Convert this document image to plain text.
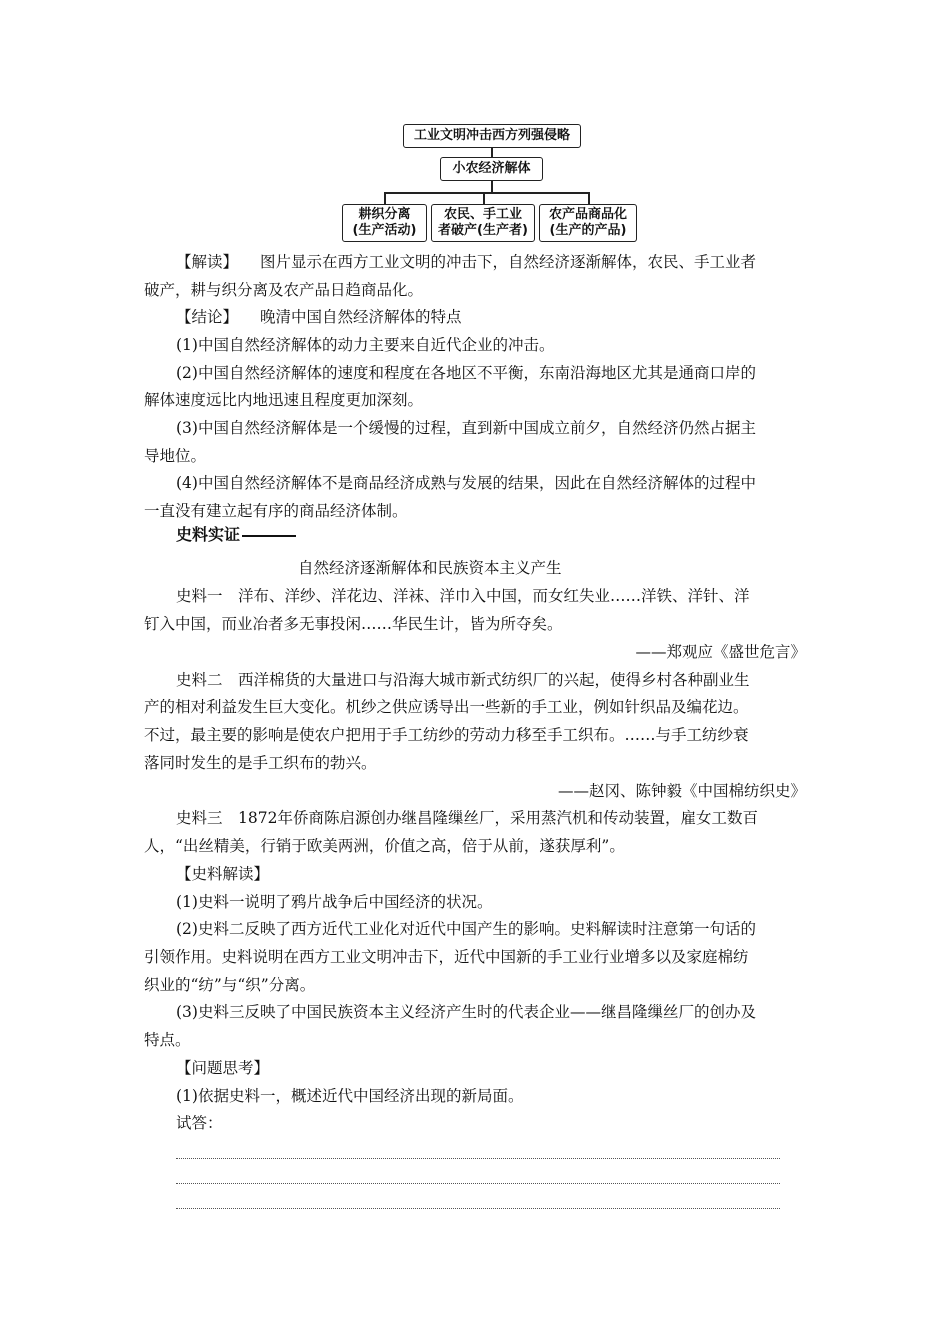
工业文明冲击西方列强侵略
小农经济解体
耕织分离
(生产活动)
农民、手工业
者破产(生产者)
农产品商品化
(生产的产品)
【解读】 图片显示在西方工业文明的冲击下，自然经济逐渐解体，农民、手工业者
破产，耕与织分离及农产品日趋商品化。
【结论】 晚清中国自然经济解体的特点
(1)中国自然经济解体的动力主要来自近代企业的冲击。
(2)中国自然经济解体的速度和程度在各地区不平衡，东南沿海地区尤其是通商口岸的
解体速度远比内地迅速且程度更加深刻。
(3)中国自然经济解体是一个缓慢的过程，直到新中国成立前夕，自然经济仍然占据主
导地位。
(4)中国自然经济解体不是商品经济成熟与发展的结果，因此在自然经济解体的过程中
一直没有建立起有序的商品经济体制。
史料实证
自然经济逐渐解体和民族资本主义产生
史料一　洋布、洋纱、洋花边、洋袜、洋巾入中国，而女红失业……洋铁、洋针、洋
钉入中国，而业冶者多无事投闲……华民生计，皆为所夺矣。
——郑观应《盛世危言》
史料二　西洋棉货的大量进口与沿海大城市新式纺织厂的兴起，使得乡村各种副业生
产的相对利益发生巨大变化。机纱之供应诱导出一些新的手工业，例如针织品及编花边。
不过，最主要的影响是使农户把用于手工纺纱的劳动力移至手工织布。……与手工纺纱衰
落同时发生的是手工织布的勃兴。
——赵冈、陈钟毅《中国棉纺织史》
史料三　1872年侨商陈启源创办继昌隆缫丝厂，采用蒸汽机和传动装置，雇女工数百
人，“出丝精美，行销于欧美两洲，价值之高，倍于从前，遂获厚利”。
【史料解读】
(1)史料一说明了鸦片战争后中国经济的状况。
(2)史料二反映了西方近代工业化对近代中国产生的影响。史料解读时注意第一句话的
引领作用。史料说明在西方工业文明冲击下，近代中国新的手工业行业增多以及家庭棉纺
织业的“纺”与“织”分离。
(3)史料三反映了中国民族资本主义经济产生时的代表企业——继昌隆缫丝厂的创办及
特点。
【问题思考】
(1)依据史料一，概述近代中国经济出现的新局面。
试答：
